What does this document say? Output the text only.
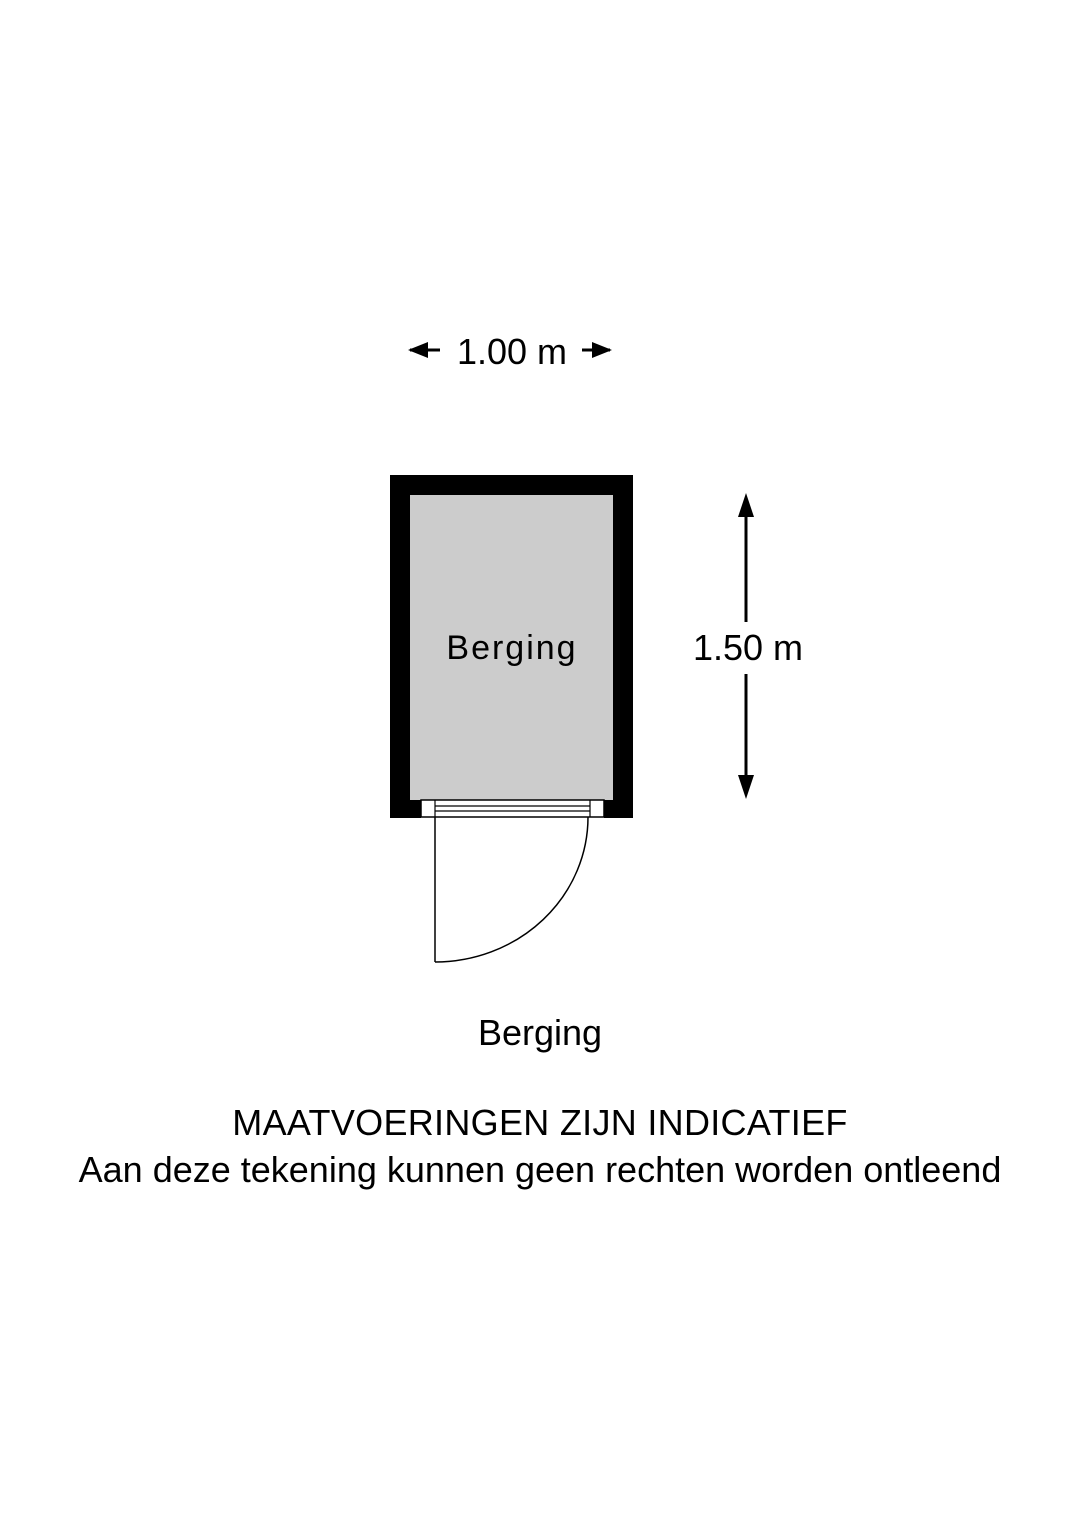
1.00 m
Berging	1.50 m
Berging
MAATVOERINGEN ZIJN INDICATIEF
Aan deze tekening kunnen geen rechten worden ontleend
